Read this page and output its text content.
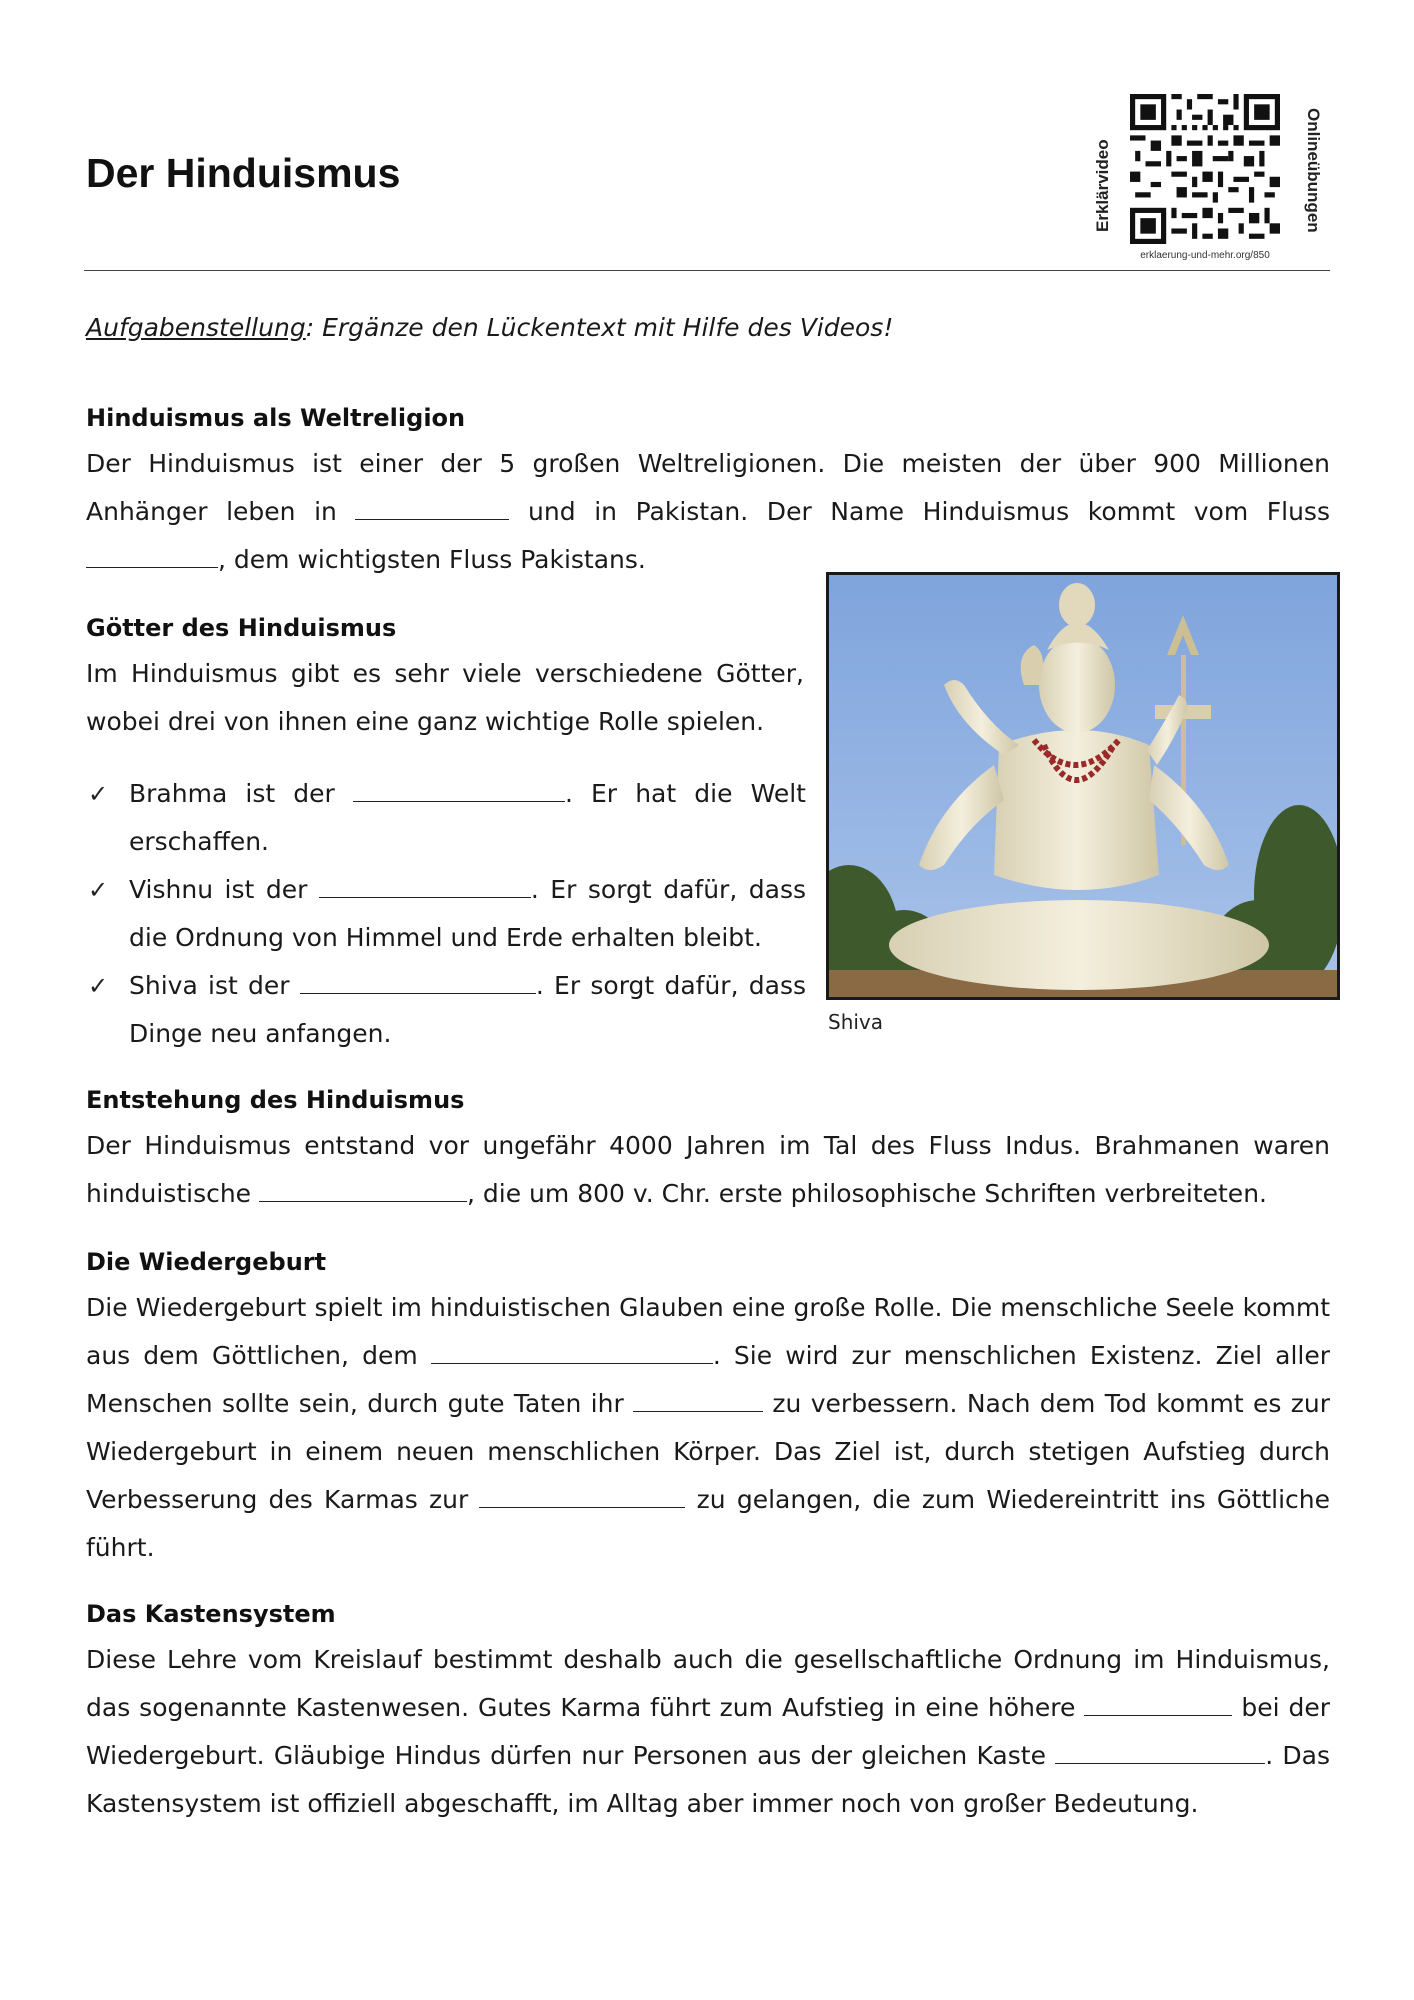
Der Hinduismus	Erklärvideo	Onlineübungen
erklaerung-und-mehr.org/850
Aufgabenstellung: Ergänze den Lückentext mit Hilfe des Videos!
Hinduismus als Weltreligion

Der Hinduismus ist einer der 5 großen Weltreligionen. Die meisten der über 900 Millionen Anhänger leben in	und in Pakistan. Der Name Hinduismus kommt vom Fluss , dem wichtigsten Fluss Pakistans.

Götter des Hinduismus

Im Hinduismus gibt es sehr viele verschiedene Götter, wobei drei von ihnen eine ganz wichtige Rolle spielen.

✓ Brahma ist der	. Er hat die Welt erschaffen.
✓ Vishnu ist der	. Er sorgt dafür, dass die Ordnung von Himmel und Erde erhalten bleibt.
✓ Shiva ist der	. Er sorgt dafür, dass Dinge neu anfangen.	Shiva
Entstehung des Hinduismus

Der Hinduismus entstand vor ungefähr 4000 Jahren im Tal des Fluss Indus. Brahmanen waren hinduistische	, die um 800 v. Chr. erste philosophische Schriften verbreiteten.

Die Wiedergeburt

Die Wiedergeburt spielt im hinduistischen Glauben eine große Rolle. Die menschliche Seele kommt aus dem Göttlichen, dem	. Sie wird zur menschlichen Existenz. Ziel aller Menschen sollte sein, durch gute Taten ihr	zu verbessern. Nach dem Tod kommt es zur Wiedergeburt in einem neuen menschlichen Körper. Das Ziel ist, durch stetigen Aufstieg durch Verbesserung des Karmas zur	zu gelangen, die zum Wiedereintritt ins Göttliche führt.

Das Kastensystem

Diese Lehre vom Kreislauf bestimmt deshalb auch die gesellschaftliche Ordnung im Hinduismus, das sogenannte Kastenwesen. Gutes Karma führt zum Aufstieg in eine höhere	bei der Wiedergeburt. Gläubige Hindus dürfen nur Personen aus der gleichen Kaste	. Das Kastensystem ist offiziell abgeschafft, im Alltag aber immer noch von großer Bedeutung.
